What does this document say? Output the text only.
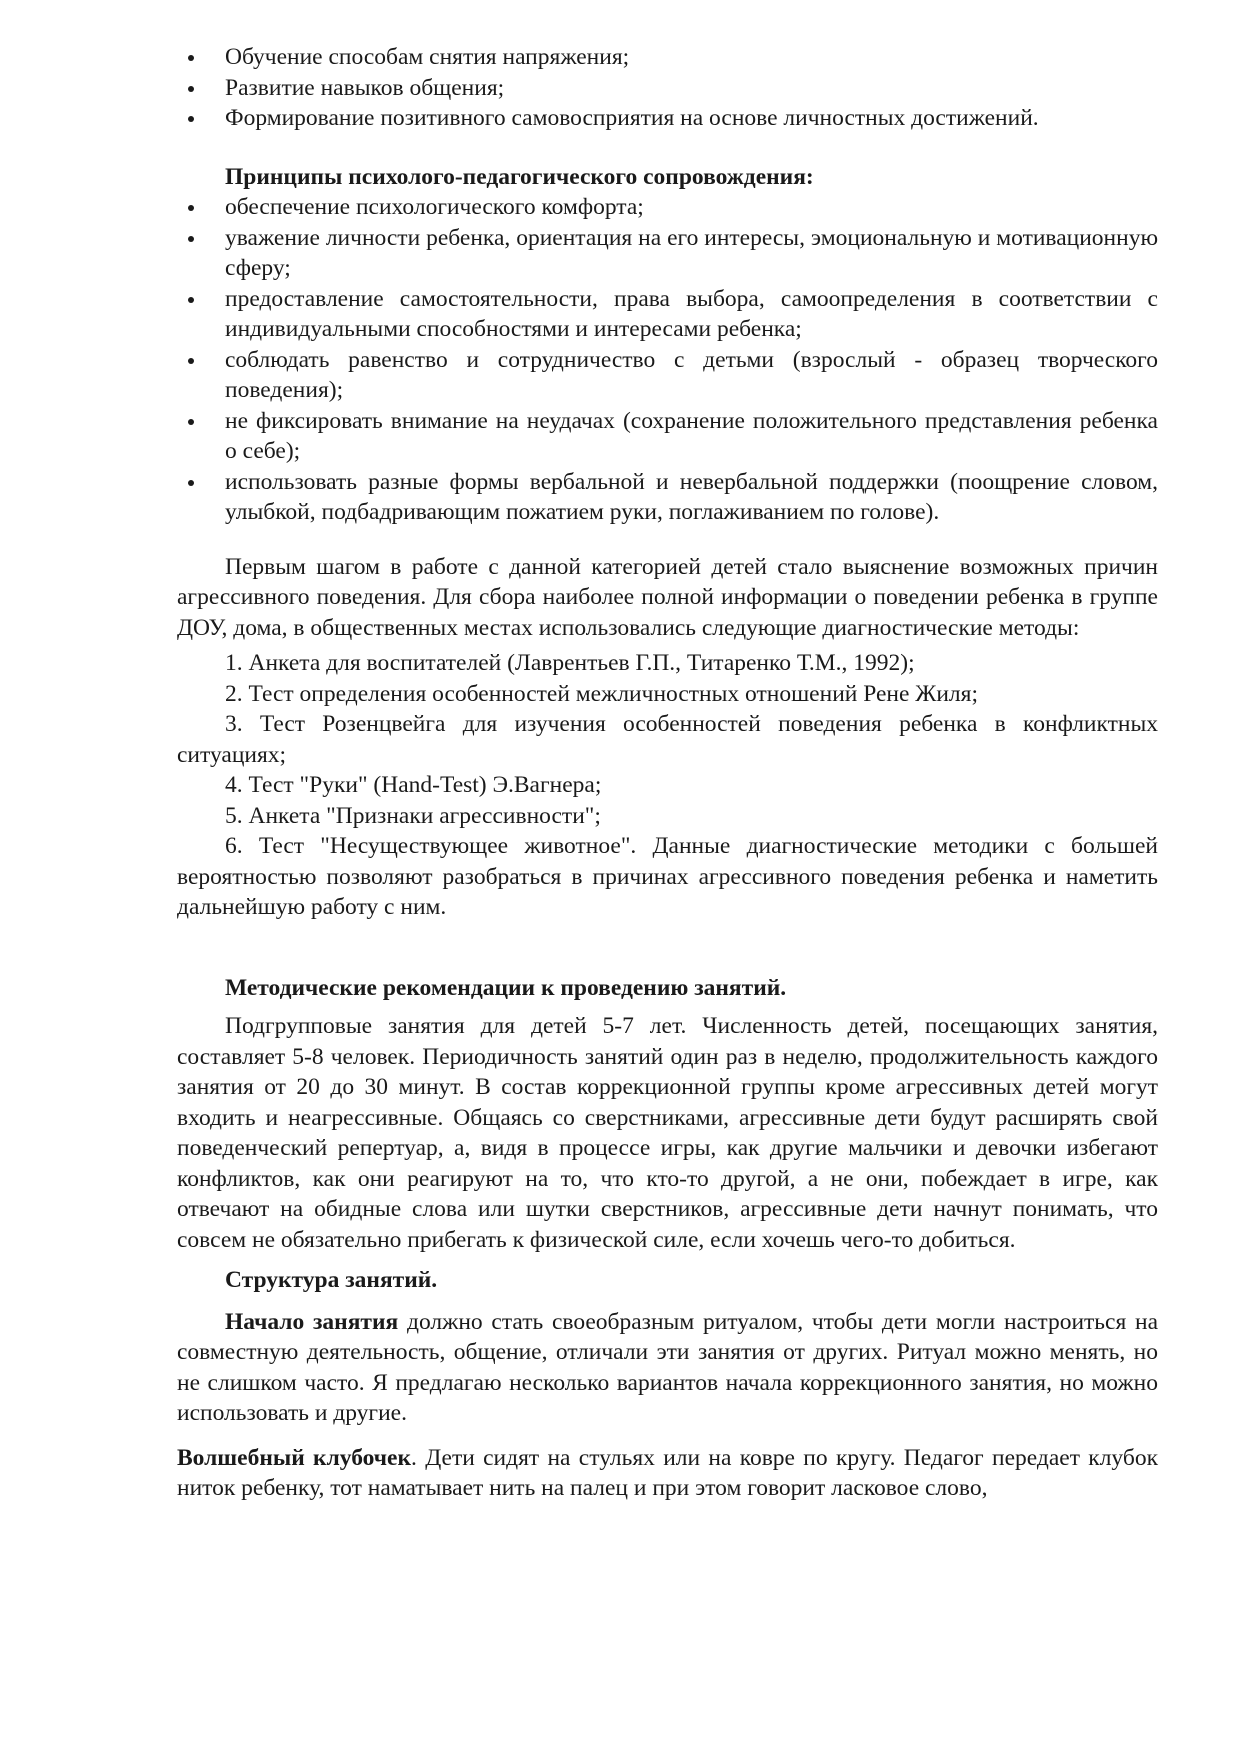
Обучение способам снятия напряжения;
Развитие навыков общения;
Формирование позитивного самовосприятия на основе личностных достижений.
Принципы психолого-педагогического сопровождения:
обеспечение психологического комфорта;
уважение личности ребенка, ориентация на его интересы, эмоциональную и мотивационную сферу;
предоставление самостоятельности, права выбора, самоопределения в соответствии с индивидуальными способностями и интересами ребенка;
соблюдать равенство и сотрудничество с детьми (взрослый - образец творческого поведения);
не фиксировать внимание на неудачах (сохранение положительного представления ребенка о себе);
использовать разные формы вербальной и невербальной поддержки (поощрение словом, улыбкой, подбадривающим пожатием руки, поглаживанием по голове).
Первым шагом в работе с данной категорией детей стало выяснение возможных причин агрессивного поведения. Для сбора наиболее полной информации о поведении ребенка в группе ДОУ, дома, в общественных местах использовались следующие диагностические методы:
1. Анкета для воспитателей (Лаврентьев Г.П., Титаренко Т.М., 1992);
2. Тест определения особенностей межличностных отношений Рене Жиля;
3. Тест Розенцвейга для изучения особенностей поведения ребенка в конфликтных ситуациях;
4. Тест "Руки" (Hand-Test) Э.Вагнера;
5. Анкета "Признаки агрессивности";
6. Тест "Несуществующее животное". Данные диагностические методики с большей вероятностью позволяют разобраться в причинах агрессивного поведения ребенка и наметить дальнейшую работу с ним.
Методические рекомендации к проведению занятий.
Подгрупповые занятия для детей 5-7 лет. Численность детей, посещающих занятия, составляет 5-8 человек. Периодичность занятий один раз в неделю, продолжительность каждого занятия от 20 до 30 минут. В состав коррекционной группы кроме агрессивных детей могут входить и неагрессивные. Общаясь со сверстниками, агрессивные дети будут расширять свой поведенческий репертуар, а, видя в процессе игры, как другие мальчики и девочки избегают конфликтов, как они реагируют на то, что кто-то другой, а не они, побеждает в игре, как отвечают на обидные слова или шутки сверстников, агрессивные дети начнут понимать, что совсем не обязательно прибегать к физической силе, если хочешь чего-то добиться.
Структура занятий.
Начало занятия должно стать своеобразным ритуалом, чтобы дети могли настроиться на совместную деятельность, общение, отличали эти занятия от других. Ритуал можно менять, но не слишком часто. Я предлагаю несколько вариантов начала коррекционного занятия, но можно использовать и другие.
Волшебный клубочек. Дети сидят на стульях или на ковре по кругу. Педагог передает клубок ниток ребенку, тот наматывает нить на палец и при этом говорит ласковое слово,
